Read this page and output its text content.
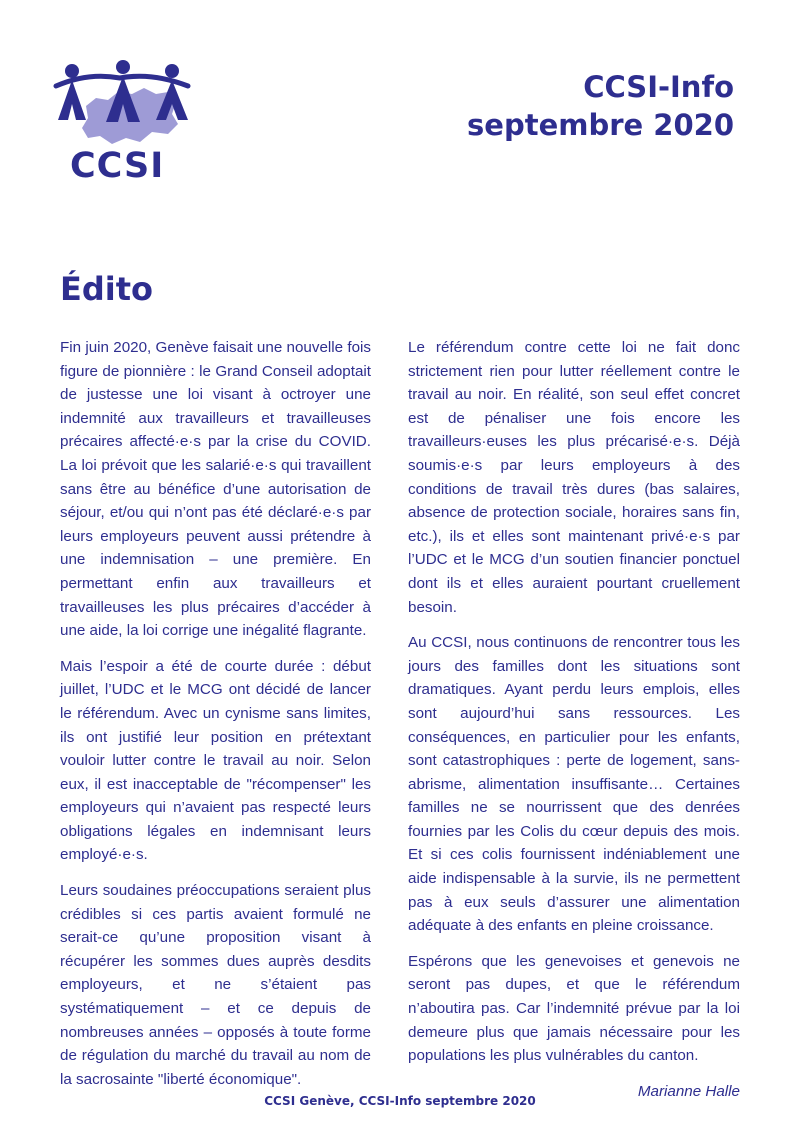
CCSI
CCSI-Info
septembre 2020
Édito

Fin juin 2020, Genève faisait une nouvelle fois figure de pionnière : le Grand Conseil adoptait de justesse une loi visant à octroyer une indemnité aux travailleurs et travailleuses précaires affecté·e·s par la crise du COVID. La loi prévoit que les salarié·e·s qui travaillent sans être au bénéfice d’une autorisation de séjour, et/ou qui n’ont pas été déclaré·e·s par leurs employeurs peuvent aussi prétendre à une indemnisation – une première. En permettant enfin aux travailleurs et travailleuses les plus précaires d’accéder à une aide, la loi corrige une inégalité flagrante.

Mais l’espoir a été de courte durée : début juillet, l’UDC et le MCG ont décidé de lancer le référendum. Avec un cynisme sans limites, ils ont justifié leur position en prétextant vouloir lutter contre le travail au noir. Selon eux, il est inacceptable de "récompenser" les employeurs qui n’avaient pas respecté leurs obligations légales en indemnisant leurs employé·e·s.

Leurs soudaines préoccupations seraient plus crédibles si ces partis avaient formulé ne serait-ce qu’une proposition visant à récupérer les sommes dues auprès desdits employeurs, et ne s’étaient pas systématiquement – et ce depuis de nombreuses années – opposés à toute forme de régulation du marché du travail au nom de la sacrosainte "liberté économique".

Le référendum contre cette loi ne fait donc strictement rien pour lutter réellement contre le travail au noir. En réalité, son seul effet concret est de pénaliser une fois encore les travailleurs·euses les plus précarisé·e·s. Déjà soumis·e·s par leurs employeurs à des conditions de travail très dures (bas salaires, absence de protection sociale, horaires sans fin, etc.), ils et elles sont maintenant privé·e·s par l’UDC et le MCG d’un soutien financier ponctuel dont ils et elles auraient pourtant cruellement besoin.

Au CCSI, nous continuons de rencontrer tous les jours des familles dont les situations sont dramatiques. Ayant perdu leurs emplois, elles sont aujourd’hui sans ressources. Les conséquences, en particulier pour les enfants, sont catastrophiques : perte de logement, sans-abrisme, alimentation insuffisante… Certaines familles ne se nourrissent que des denrées fournies par les Colis du cœur depuis des mois. Et si ces colis fournissent indéniablement une aide indispensable à la survie, ils ne permettent pas à eux seuls d’assurer une alimentation adéquate à des enfants en pleine croissance.

Espérons que les genevoises et genevois ne seront pas dupes, et que le référendum n’aboutira pas. Car l’indemnité prévue par la loi demeure plus que jamais nécessaire pour les populations les plus vulnérables du canton.

Marianne Halle
CCSI Genève, CCSI-Info septembre 2020
